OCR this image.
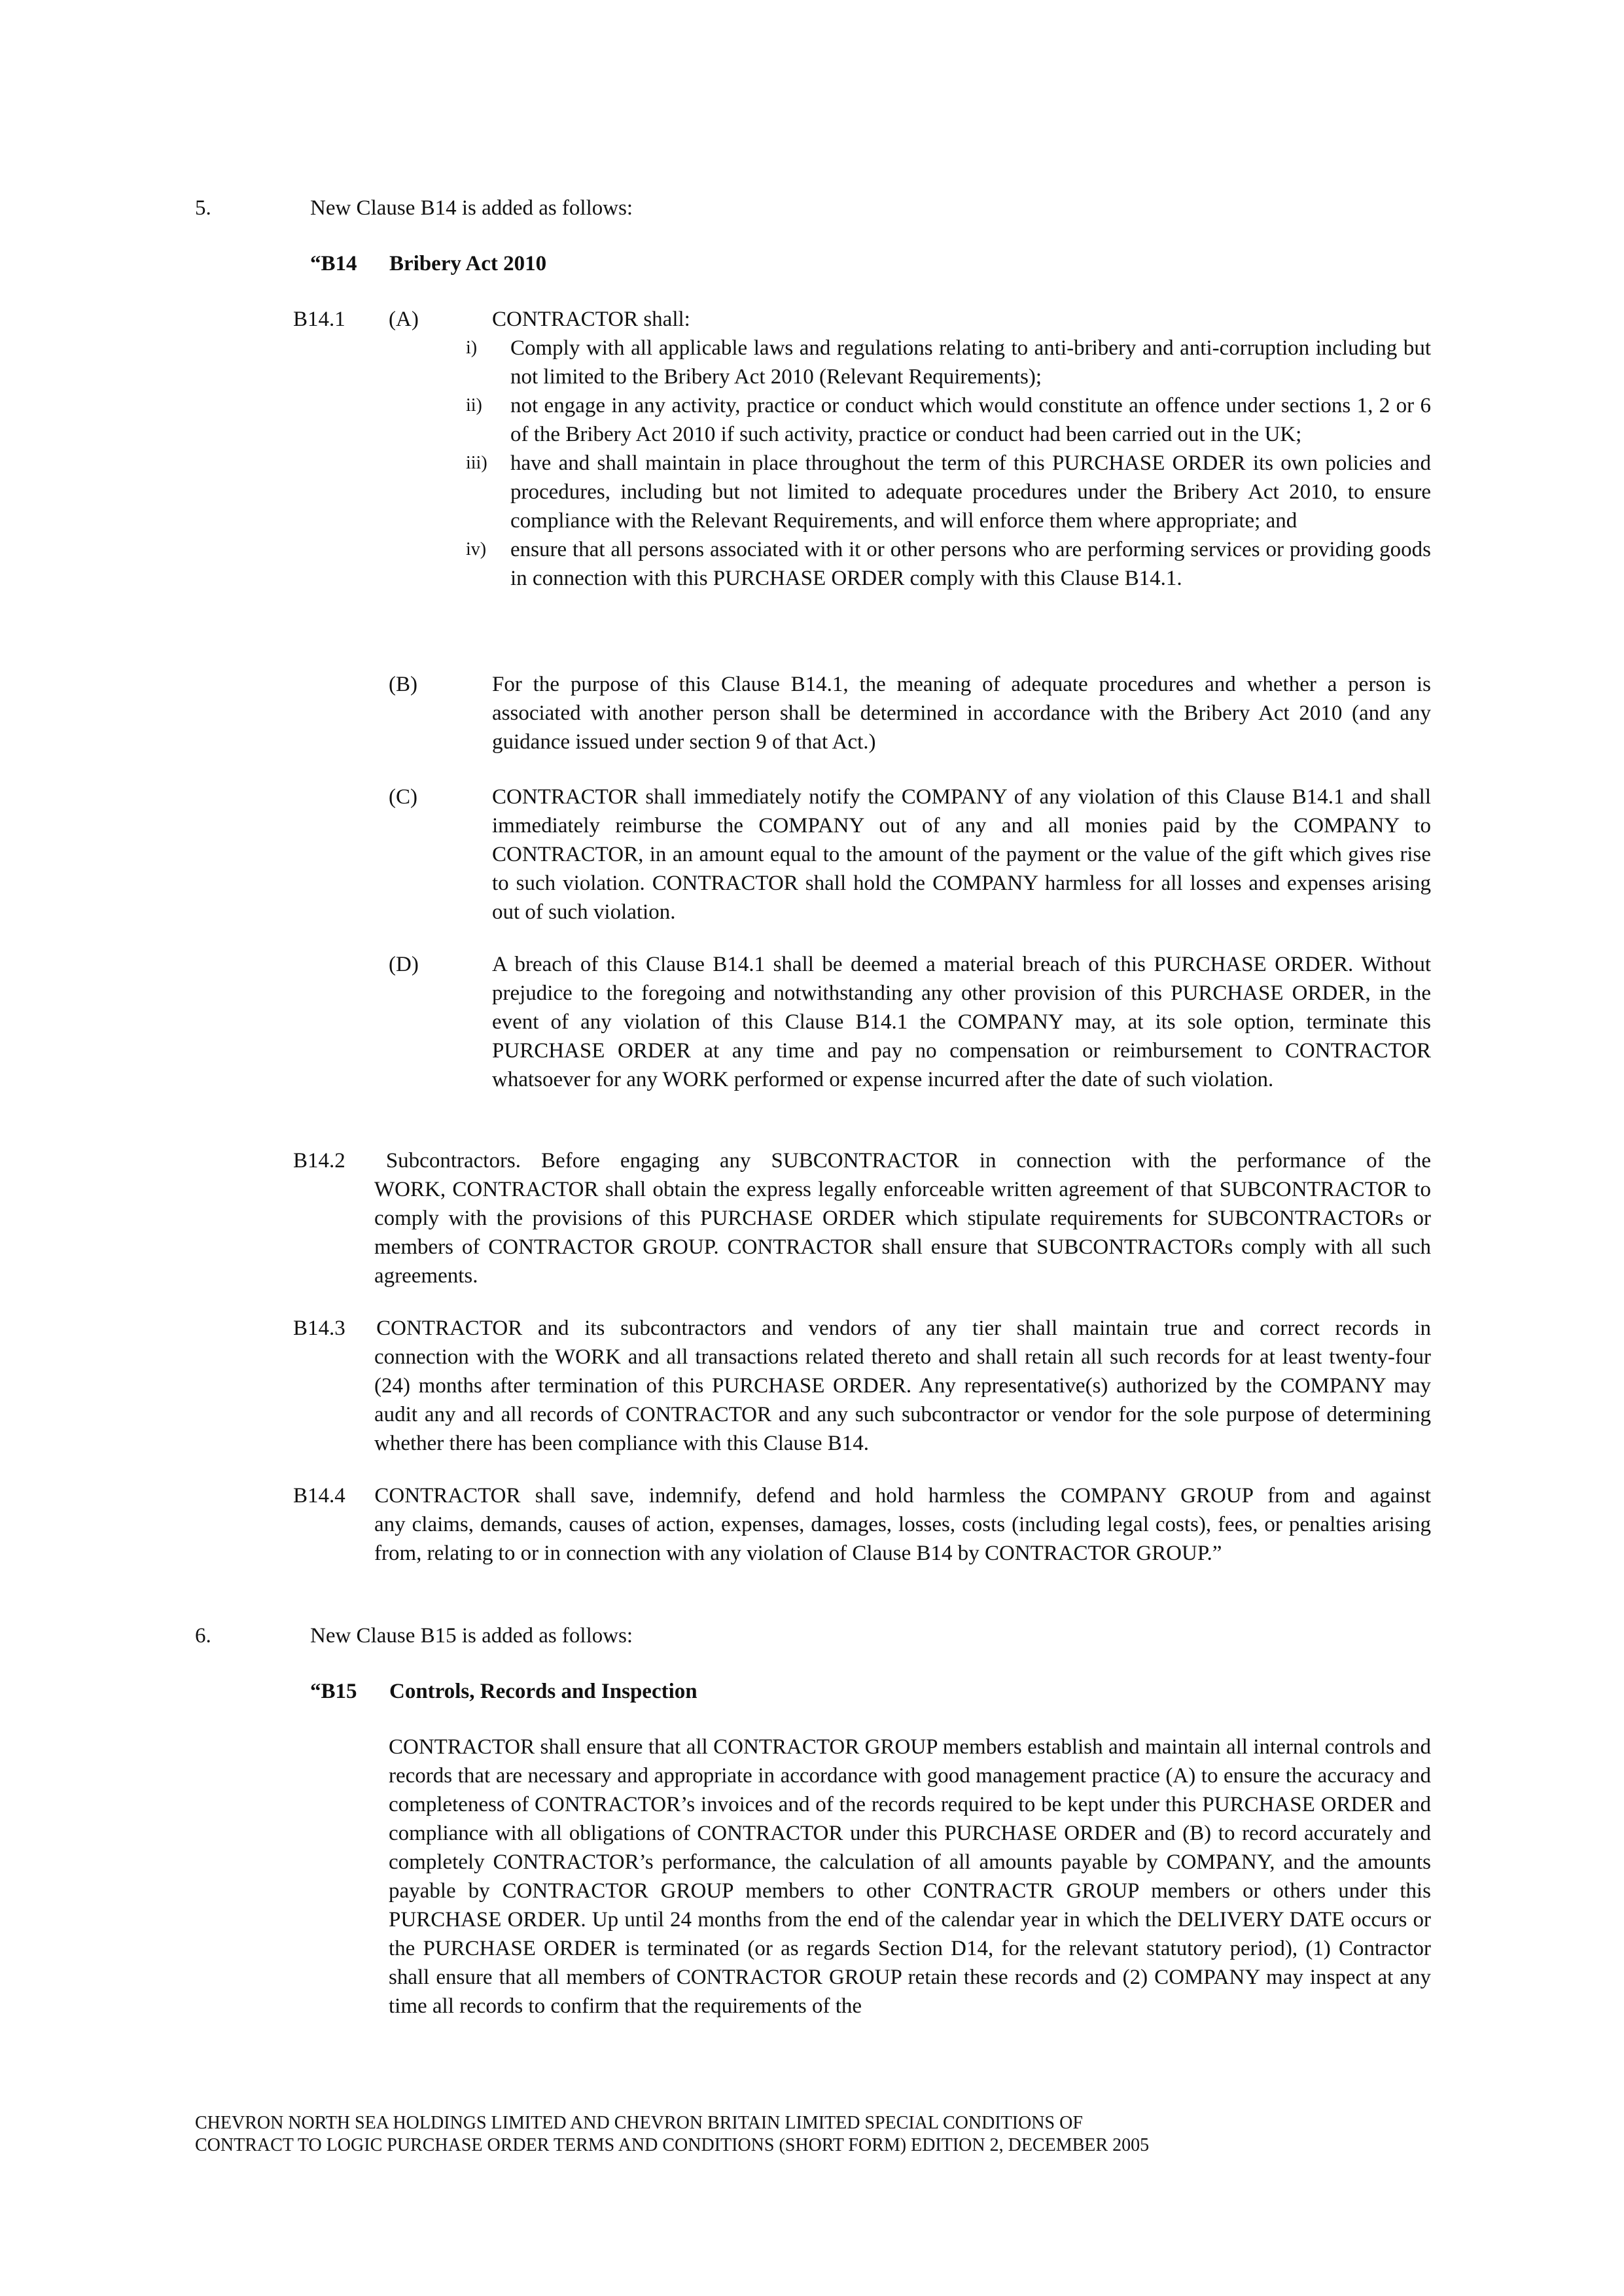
5.	New Clause B14 is added as follows:
“B14 Bribery Act 2010
B14.1 (A)	CONTRACTOR shall:
i) Comply with all applicable laws and regulations relating to anti-bribery and anti-corruption including but not limited to the Bribery Act 2010 (Relevant Requirements);
ii) not engage in any activity, practice or conduct which would constitute an offence under sections 1, 2 or 6 of the Bribery Act 2010 if such activity, practice or conduct had been carried out in the UK;
iii) have and shall maintain in place throughout the term of this PURCHASE ORDER its own policies and procedures, including but not limited to adequate procedures under the Bribery Act 2010, to ensure compliance with the Relevant Requirements, and will enforce them where appropriate; and
iv) ensure that all persons associated with it or other persons who are performing services or providing goods in connection with this PURCHASE ORDER comply with this Clause B14.1.
(B)	For the purpose of this Clause B14.1, the meaning of adequate procedures and whether a person is associated with another person shall be determined in accordance with the Bribery Act 2010 (and any guidance issued under section 9 of that Act.)
(C)	CONTRACTOR shall immediately notify the COMPANY of any violation of this Clause B14.1 and shall immediately reimburse the COMPANY out of any and all monies paid by the COMPANY to CONTRACTOR, in an amount equal to the amount of the payment or the value of the gift which gives rise to such violation. CONTRACTOR shall hold the COMPANY harmless for all losses and expenses arising out of such violation.
(D)	A breach of this Clause B14.1 shall be deemed a material breach of this PURCHASE ORDER. Without prejudice to the foregoing and notwithstanding any other provision of this PURCHASE ORDER, in the event of any violation of this Clause B14.1 the COMPANY may, at its sole option, terminate this PURCHASE ORDER at any time and pay no compensation or reimbursement to CONTRACTOR whatsoever for any WORK performed or expense incurred after the date of such violation.
B14.2  Subcontractors. Before engaging any SUBCONTRACTOR in connection with the performance of the
WORK, CONTRACTOR shall obtain the express legally enforceable written agreement of that SUBCONTRACTOR to comply with the provisions of this PURCHASE ORDER which stipulate requirements for SUBCONTRACTORs or members of CONTRACTOR GROUP. CONTRACTOR shall ensure that SUBCONTRACTORs comply with all such agreements.
B14.3  CONTRACTOR and its subcontractors and vendors of any tier shall maintain true and correct records in
connection with the WORK and all transactions related thereto and shall retain all such records for at least twenty-four (24) months after termination of this PURCHASE ORDER. Any representative(s) authorized by the COMPANY may audit any and all records of CONTRACTOR and any such subcontractor or vendor for the sole purpose of determining whether there has been compliance with this Clause B14.
B14.4  CONTRACTOR shall save, indemnify, defend and hold harmless the COMPANY GROUP from and against
any claims, demands, causes of action, expenses, damages, losses, costs (including legal costs), fees, or penalties arising from, relating to or in connection with any violation of Clause B14 by CONTRACTOR GROUP.”
6.	New Clause B15 is added as follows:
“B15 Controls, Records and Inspection
CONTRACTOR shall ensure that all CONTRACTOR GROUP members establish and maintain all internal controls and records that are necessary and appropriate in accordance with good management practice (A) to ensure the accuracy and completeness of CONTRACTOR’s invoices and of the records required to be kept under this PURCHASE ORDER and compliance with all obligations of CONTRACTOR under this PURCHASE ORDER and (B) to record accurately and completely CONTRACTOR’s performance, the calculation of all amounts payable by COMPANY, and the amounts payable by CONTRACTOR GROUP members to other CONTRACTR GROUP members or others under this PURCHASE ORDER. Up until 24 months from the end of the calendar year in which the DELIVERY DATE occurs or the PURCHASE ORDER is terminated (or as regards Section D14, for the relevant statutory period), (1) Contractor shall ensure that all members of CONTRACTOR GROUP retain these records and (2) COMPANY may inspect at any time all records to confirm that the requirements of the
CHEVRON NORTH SEA HOLDINGS LIMITED AND CHEVRON BRITAIN LIMITED SPECIAL CONDITIONS OF
CONTRACT TO LOGIC PURCHASE ORDER TERMS AND CONDITIONS (SHORT FORM) EDITION 2, DECEMBER 2005
